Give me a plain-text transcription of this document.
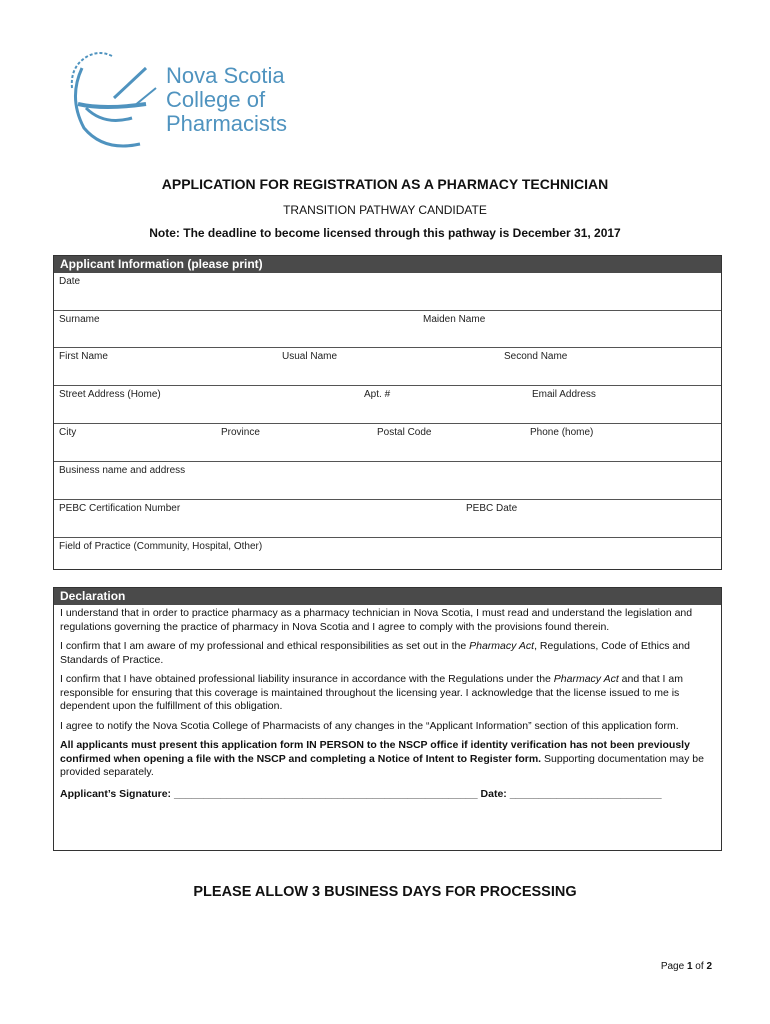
Nova Scotia
College of
Pharmacists
APPLICATION FOR REGISTRATION AS A PHARMACY TECHNICIAN
TRANSITION PATHWAY CANDIDATE
Note: The deadline to become licensed through this pathway is December 31, 2017
Applicant Information (please print)
Date
Surname	Maiden Name
First Name	Usual Name	Second Name
Street Address (Home)	Apt. #	Email Address
City	Province	Postal Code	Phone (home)
Business name and address
PEBC Certification Number	PEBC Date
Field of Practice (Community, Hospital, Other)
Declaration

I understand that in order to practice pharmacy as a pharmacy technician in Nova Scotia, I must read and understand the legislation and regulations governing the practice of pharmacy in Nova Scotia and I agree to comply with the provisions found therein.

I confirm that I am aware of my professional and ethical responsibilities as set out in the Pharmacy Act, Regulations, Code of Ethics and Standards of Practice.

I confirm that I have obtained professional liability insurance in accordance with the Regulations under the Pharmacy Act and that I am responsible for ensuring that this coverage is maintained throughout the licensing year. I acknowledge that the license issued to me is dependent upon the fulfillment of this obligation.

I agree to notify the Nova Scotia College of Pharmacists of any changes in the “Applicant Information” section of this application form.

All applicants must present this application form IN PERSON to the NSCP office if identity verification has not been previously confirmed when opening a file with the NSCP and completing a Notice of Intent to Register form. Supporting documentation may be provided separately.

Applicant’s Signature: ____________________________________________________ Date: __________________________
PLEASE ALLOW 3 BUSINESS DAYS FOR PROCESSING
Page 1 of 2
